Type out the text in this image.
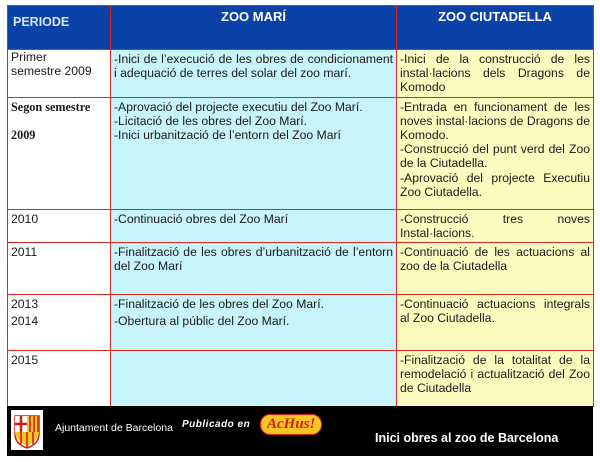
PERIODE	ZOO MARÍ	ZOO CIUTADELLA

Primer
semestre 2009	-Inici de l’execució de les obres de condicionament i adequació de terres del solar del zoo marí.	-Inici de la construcció de les instal·lacions dels Dragons de Komodo

Segon semestre
2009	-Aprovació del projecte executiu del Zoo Marí.
-Licitació de les obres del Zoo Marí.
-Inici urbanització de l’entorn del Zoo Marí	-Entrada en funcionament de les noves instal·lacions de Dragons de Komodo.
-Construcció del punt verd del Zoo de la Ciutadella.
-Aprovació del projecte Executiu Zoo Ciutadella.

2010	-Continuació obres del Zoo Marí	-Construcció tres noves Instal·lacions.

2011	-Finalització de les obres d’urbanització de l’entorn del Zoo Marí	-Continuació de les actuacions al zoo de la Ciutadella

2013
2014	-Finalització de les obres del Zoo Marí.
-Obertura al públic del Zoo Marí.	-Continuació actuacions integrals al Zoo Ciutadella.

2015		-Finalització de la totalitat de la remodelació i actualització del Zoo de Ciutadella
Ajuntament de Barcelona Publicado en	AcHus!
Inici obres al zoo de Barcelona
